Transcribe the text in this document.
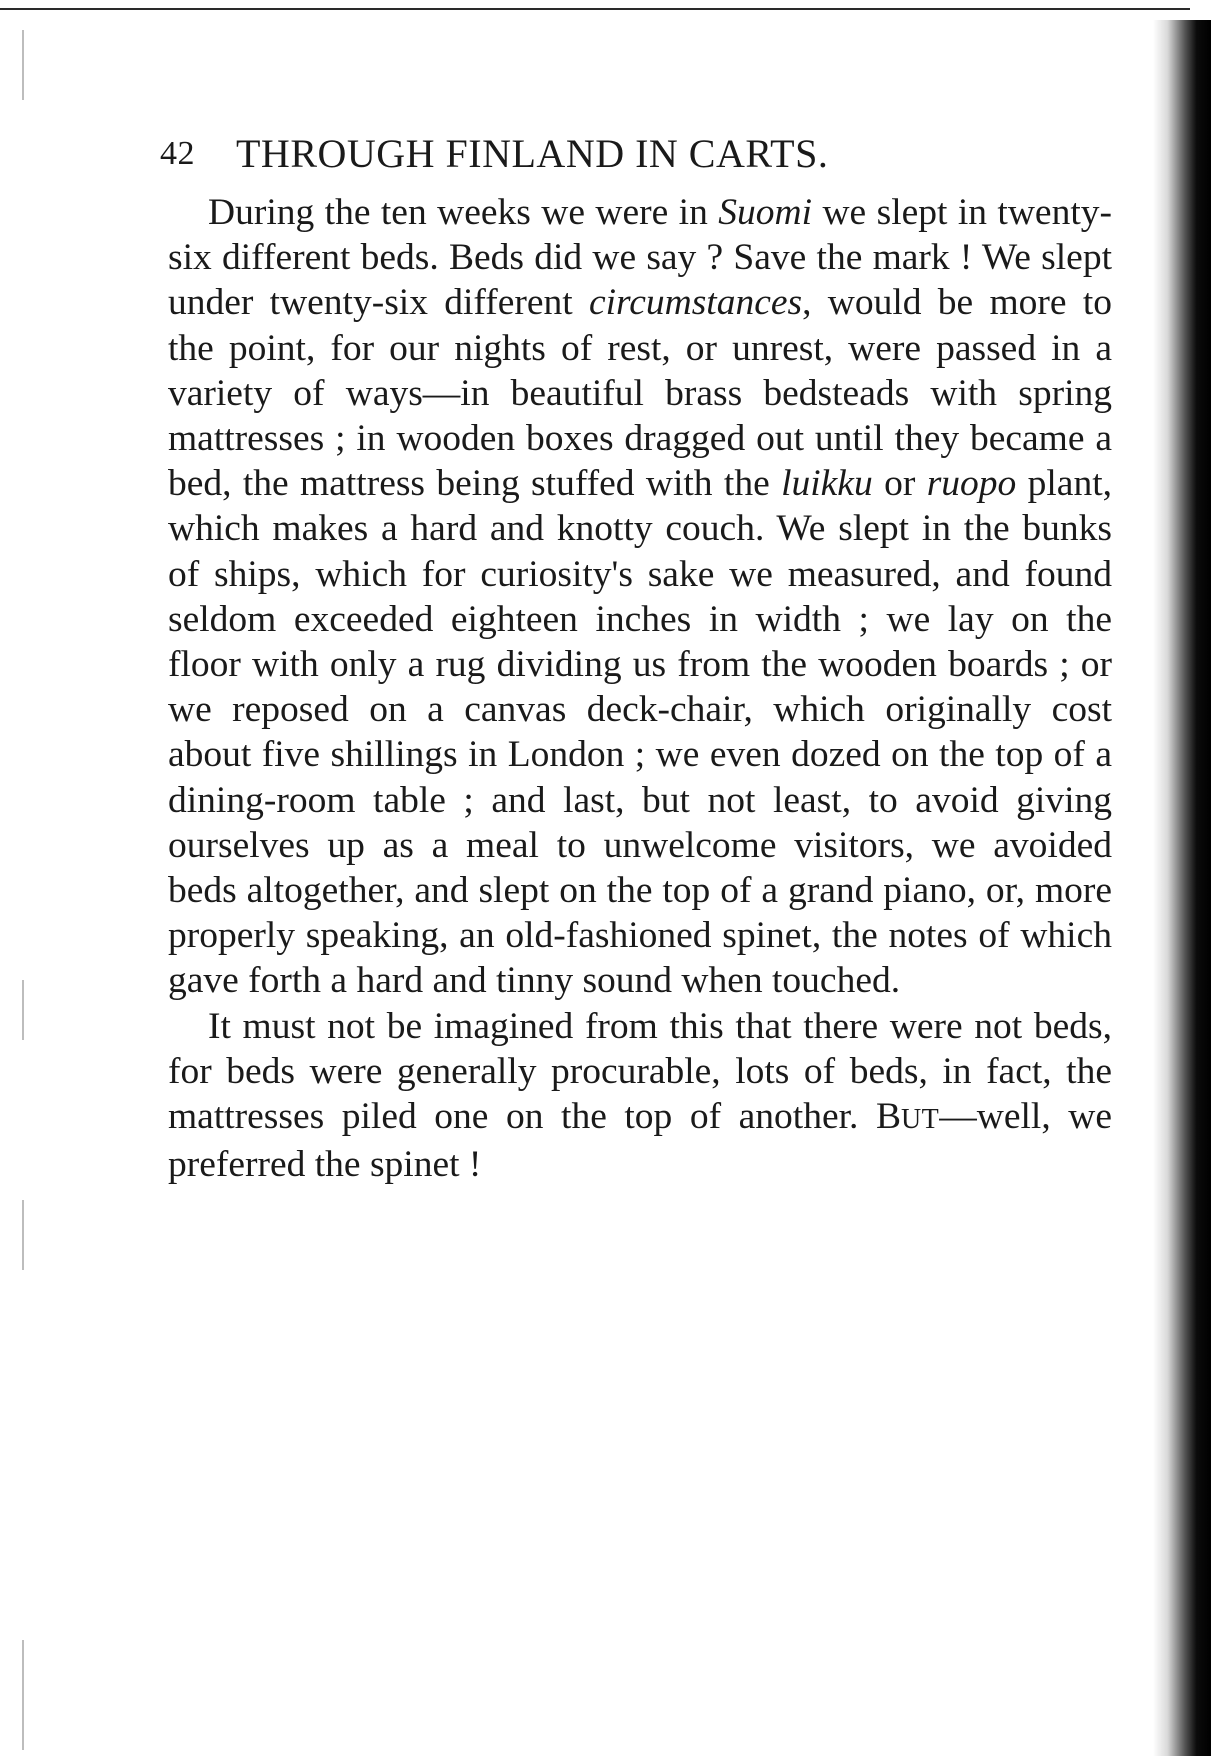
42 THROUGH FINLAND IN CARTS.

During the ten weeks we were in Suomi we slept in twenty-six different beds. Beds did we say ? Save the mark ! We slept under twenty-six different circumstances, would be more to the point, for our nights of rest, or unrest, were passed in a variety of ways—in beautiful brass bedsteads with spring mattresses ; in wooden boxes dragged out until they became a bed, the mattress being stuffed with the luikku or ruopo plant, which makes a hard and knotty couch. We slept in the bunks of ships, which for curiosity's sake we measured, and found seldom exceeded eighteen inches in width ; we lay on the floor with only a rug dividing us from the wooden boards ; or we reposed on a canvas deck-chair, which originally cost about five shillings in London ; we even dozed on the top of a dining-room table ; and last, but not least, to avoid giving ourselves up as a meal to unwelcome visitors, we avoided beds altogether, and slept on the top of a grand piano, or, more properly speaking, an old-fashioned spinet, the notes of which gave forth a hard and tinny sound when touched.

It must not be imagined from this that there were not beds, for beds were generally procurable, lots of beds, in fact, the mattresses piled one on the top of another. BUT—well, we preferred the spinet !
